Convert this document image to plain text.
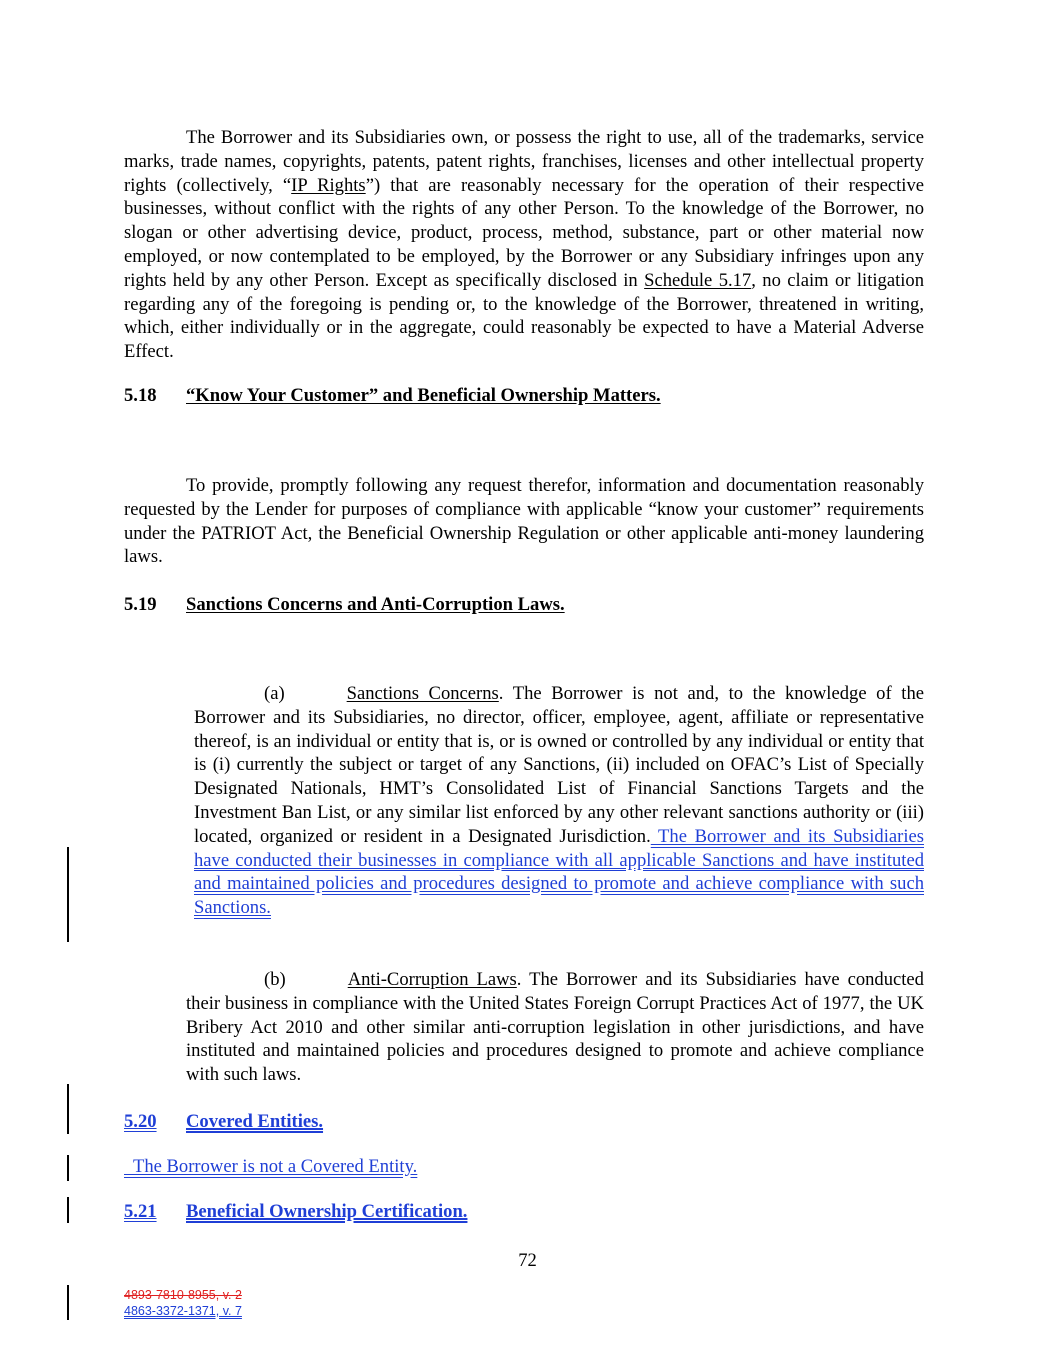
The Borrower and its Subsidiaries own, or possess the right to use, all of the trademarks, service marks, trade names, copyrights, patents, patent rights, franchises, licenses and other intellectual property rights (collectively, “IP Rights”) that are reasonably necessary for the operation of their respective businesses, without conflict with the rights of any other Person. To the knowledge of the Borrower, no slogan or other advertising device, product, process, method, substance, part or other material now employed, or now contemplated to be employed, by the Borrower or any Subsidiary infringes upon any rights held by any other Person. Except as specifically disclosed in Schedule 5.17, no claim or litigation regarding any of the foregoing is pending or, to the knowledge of the Borrower, threatened in writing, which, either individually or in the aggregate, could reasonably be expected to have a Material Adverse Effect.

5.18 “Know Your Customer” and Beneficial Ownership Matters.

To provide, promptly following any request therefor, information and documentation reasonably requested by the Lender for purposes of compliance with applicable “know your customer” requirements under the PATRIOT Act, the Beneficial Ownership Regulation or other applicable anti-money laundering laws.

5.19 Sanctions Concerns and Anti-Corruption Laws.

(a)	Sanctions Concerns. The Borrower is not and, to the knowledge of the Borrower and its Subsidiaries, no director, officer, employee, agent, affiliate or representative thereof, is an individual or entity that is, or is owned or controlled by any individual or entity that is (i) currently the subject or target of any Sanctions, (ii) included on OFAC’s List of Specially Designated Nationals, HMT’s Consolidated List of Financial Sanctions Targets and the Investment Ban List, or any similar list enforced by any other relevant sanctions authority or (iii) located, organized or resident in a Designated Jurisdiction. The Borrower and its Subsidiaries have conducted their businesses in compliance with all applicable Sanctions and have instituted and maintained policies and procedures designed to promote and achieve compliance with such Sanctions.

(b)	Anti-Corruption Laws. The Borrower and its Subsidiaries have conducted their business in compliance with the United States Foreign Corrupt Practices Act of 1977, the UK Bribery Act 2010 and other similar anti-corruption legislation in other jurisdictions, and have instituted and maintained policies and procedures designed to promote and achieve compliance with such laws.

5.20 Covered Entities.
The Borrower is not a Covered Entity.
5.21 Beneficial Ownership Certification.
72
4893-7810-8955, v. 2
4863-3372-1371, v. 7
